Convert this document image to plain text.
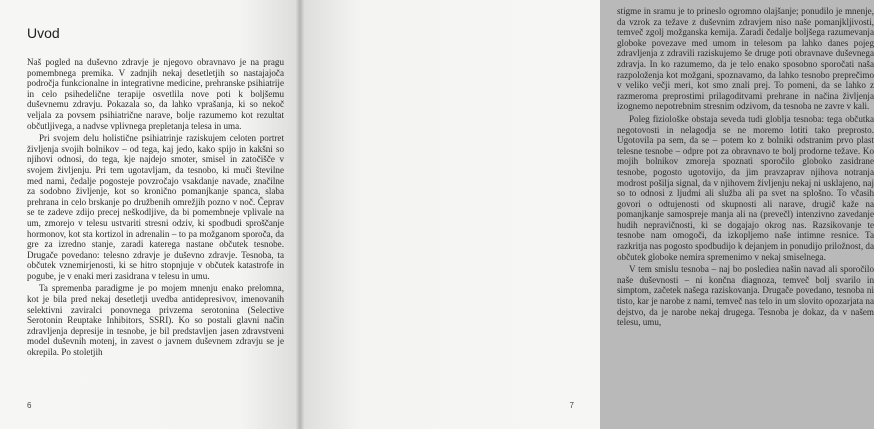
Uvod

Naš pogled na duševno zdravje je njegovo obravnavo je na pragu pomembnega premika. V zadnjih nekaj desetletjih so nastajajoča področja funkcionalne in integrativne medicine, prehranske psihiatrije in celo psihedelične terapije osvetlila nove poti k boljšemu duševnemu zdravju. Pokazala so, da lahko vprašanja, ki so nekoč veljala za povsem psihiatrične narave, bolje razumemo kot rezultat občutljivega, a nadvse vplivnega prepletanja telesa in uma.

Pri svojem delu holistične psihiatrinje raziskujem celoten portret življenja svojih bolnikov – od tega, kaj jedo, kako spijo in kakšni so njihovi odnosi, do tega, kje najdejo smoter, smisel in zatočišče v svojem življenju. Pri tem ugotavljam, da tesnobo, ki muči številne med nami, čedalje pogosteje povzročajo vsakdanje navade, značilne za sodobno življenje, kot so kronično pomanjkanje spanca, slaba prehrana in celo brskanje po družbenih omrežjih pozno v noč. Čeprav se te zadeve zdijo precej neškodljive, da bi pomembneje vplivale na um, zmorejo v telesu ustvariti stresni odziv, ki spodbudi sproščanje hormonov, kot sta kortizol in adrenalin – to pa možganom sporoča, da gre za izredno stanje, zaradi katerega nastane občutek tesnobe. Drugače povedano: telesno zdravje je duševno zdravje. Tesnoba, ta občutek vznemirjenosti, ki se hitro stopnjuje v občutek katastrofe in pogube, je v enaki meri zasidrana v telesu in umu.

Ta spremenba paradigme je po mojem mnenju enako prelomna, kot je bila pred nekaj desetletji uvedba antidepresivov, imenovanih selektivni zaviralci ponovnega privzema serotonina (Selective Serotonin Reuptake Inhibitors, SSRI). Ko so postali glavni način zdravljenja depresije in tesnobe, je bil predstavljen jasen zdravstveni model duševnih motenj, in zavest o javnem duševnem zdravju se je okrepila. Po stoletjih

6

stigme in sramu je to prineslo ogromno olajšanje; ponudilo je mnenje, da vzrok za težave z duševnim zdravjem niso naše pomanjkljivosti, temveč zgolj možganska kemija. Zaradi čedalje boljšega razumevanja globoke povezave med umom in telesom pa lahko danes pojeg zdravljenja z zdravili raziskujemo še druge poti obravnave duševnega zdravja. In ko razumemo, da je telo enako sposobno sporočati naša razpoloženja kot možgani, spoznavamo, da lahko tesnobo preprečimo v veliko večji meri, kot smo znali prej. To pomeni, da se lahko z razmeroma preprostimi prilagoditvami prehrane in načina življenja izognemo nepotrebnim stresnim odzivom, da tesnoba ne zavre v kali.

Poleg fiziološke obstaja seveda tudi globlja tesnoba: tega občutka negotovosti in nelagodja se ne moremo lotiti tako preprosto. Ugotovila pa sem, da se – potem ko z bolniki odstranim prvo plast telesne tesnobe – odpre pot za obravnavo te bolj prodorne težave. Ko mojih bolnikov zmoreja spoznati sporočilo globoko zasidrane tesnobe, pogosto ugotovijo, da jim pravzaprav njihova notranja modrost pošilja signal, da v njihovem življenju nekaj ni usklajeno, naj so to odnosi z ljudmi ali služba ali pa svet na splošno. To včasih govori o odtujenosti od skupnosti ali narave, drugič kaže na pomanjkanje samospreje manja ali na (prevečl) intenzivno zavedanje hudih nepravičnosti, ki se dogajajo okrog nas. Razsikovanje te tesnobe nam omogoči, da izkopljemo naše intimne resnice. Ta razkritja nas pogosto spodbudijo k dejanjem in ponudijo priložnost, da občutek globoke nemira spremenimo v nekaj smiselnega.

V tem smislu tesnoba – naj bo poslediea našin navad ali sporočilo naše duševnosti – ni končna diagnoza, temveč bolj svarilo in simptom, začetek našega raziskovanja. Drugače povedano, tesnoba ni tisto, kar je narobe z nami, temveč nas telo in um slovito opozarjata na dejstvo, da je narobe nekaj drugega. Tesnoba je dokaz, da v našem telesu, umu,

7
